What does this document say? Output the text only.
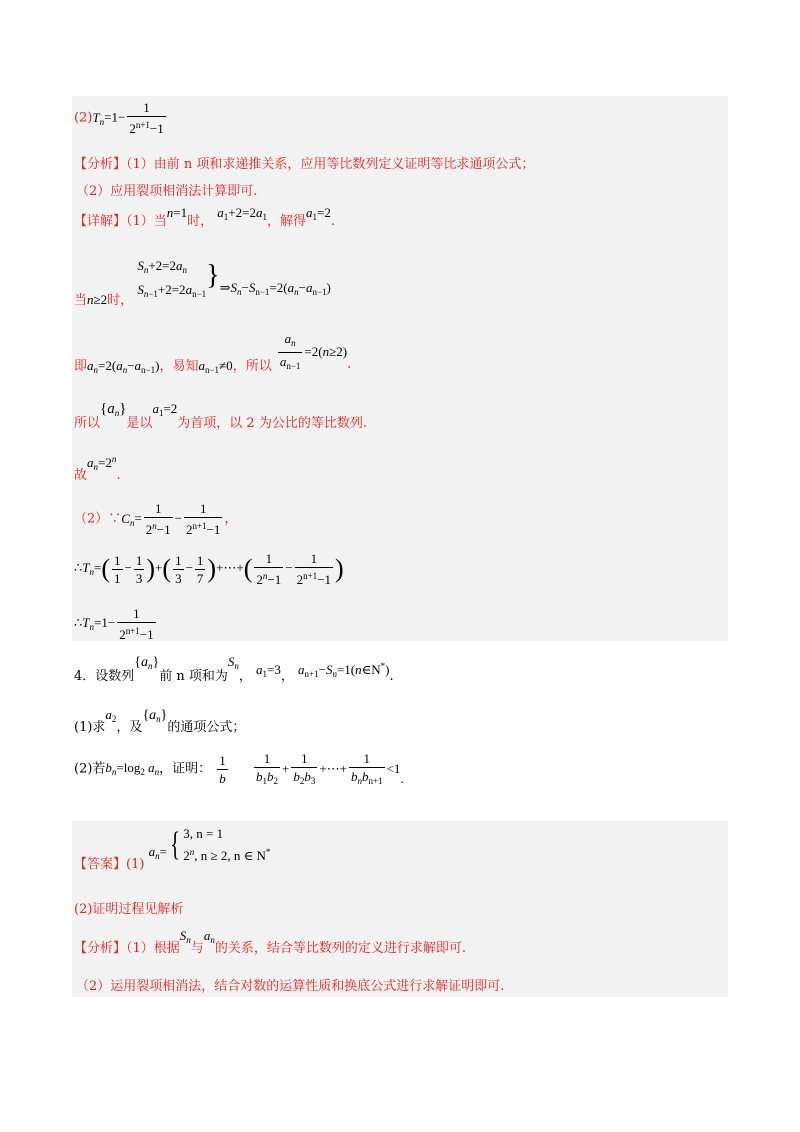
$(2)T_n=1- \frac{1}{2^{n+1}-1}$
【分析】（1）由前 n 项和求递推关系，应用等比数列定义证明等比求通项公式；
（2）应用裂项相消法计算即可.
【详解】（1）当n=1时， $a_1+2=2a_1$，解得$a_1=2$.
当n≥2时，
$S_n+2=2a_n$
$S_{n-1}+2=2a_{n-1}$
}$\Rightarrow S_n-S_{n-1}=2(a_n-a_{n-1})$
即$a_n=2(a_n-a_{n-1})$，易知$a_{n-1}\ne 0$，所以 $\frac{a_n}{a_{n-1}} =2(n\ge 2)$.
所以$\{a_n\}$是以$a_1=2$为首项，以 2 为公比的等比数列.
故$a_n=2^n$.
$(2)\because C_n= \frac{1}{2^n-1} - \frac{1}{2^{n+1}-1}$ ，
$\therefore T_n=( \frac{1}{1} - \frac{1}{3}$ )+( $\frac{1}{3} - \frac{1}{7}$ )+⋯+( $\frac{1}{2^n-1} - \frac{1}{2^{n+1}-1}$ )
$\therefore T_n=1- \frac{1}{2^{n+1}-1}$
4．设数列$\{a_n\}$前 n 项和为$S_n$， $a_1=3$， $a_{n+1}-S_n=1(n\in N^*)$.
(1)求$a_2$，及$\{a_n\}$的通项公式；
(2)若$b_n=\log_2$ $a_n$，证明： $\frac{1}{b} \frac{1}{b_1b_2} + \frac{1}{b_2b_3}$ +⋯+ $\frac{1}{b_nb_{n+1}} <1$.
【答案】(1) $a_n=${ 3, n = 1
2$^n$, n ≥ 2, n ∈ N*
(2)证明过程见解析
【分析】（1）根据$S_n$与$a_n$的关系，结合等比数列的定义进行求解即可.
（2）运用裂项相消法，结合对数的运算性质和换底公式进行求解证明即可.
